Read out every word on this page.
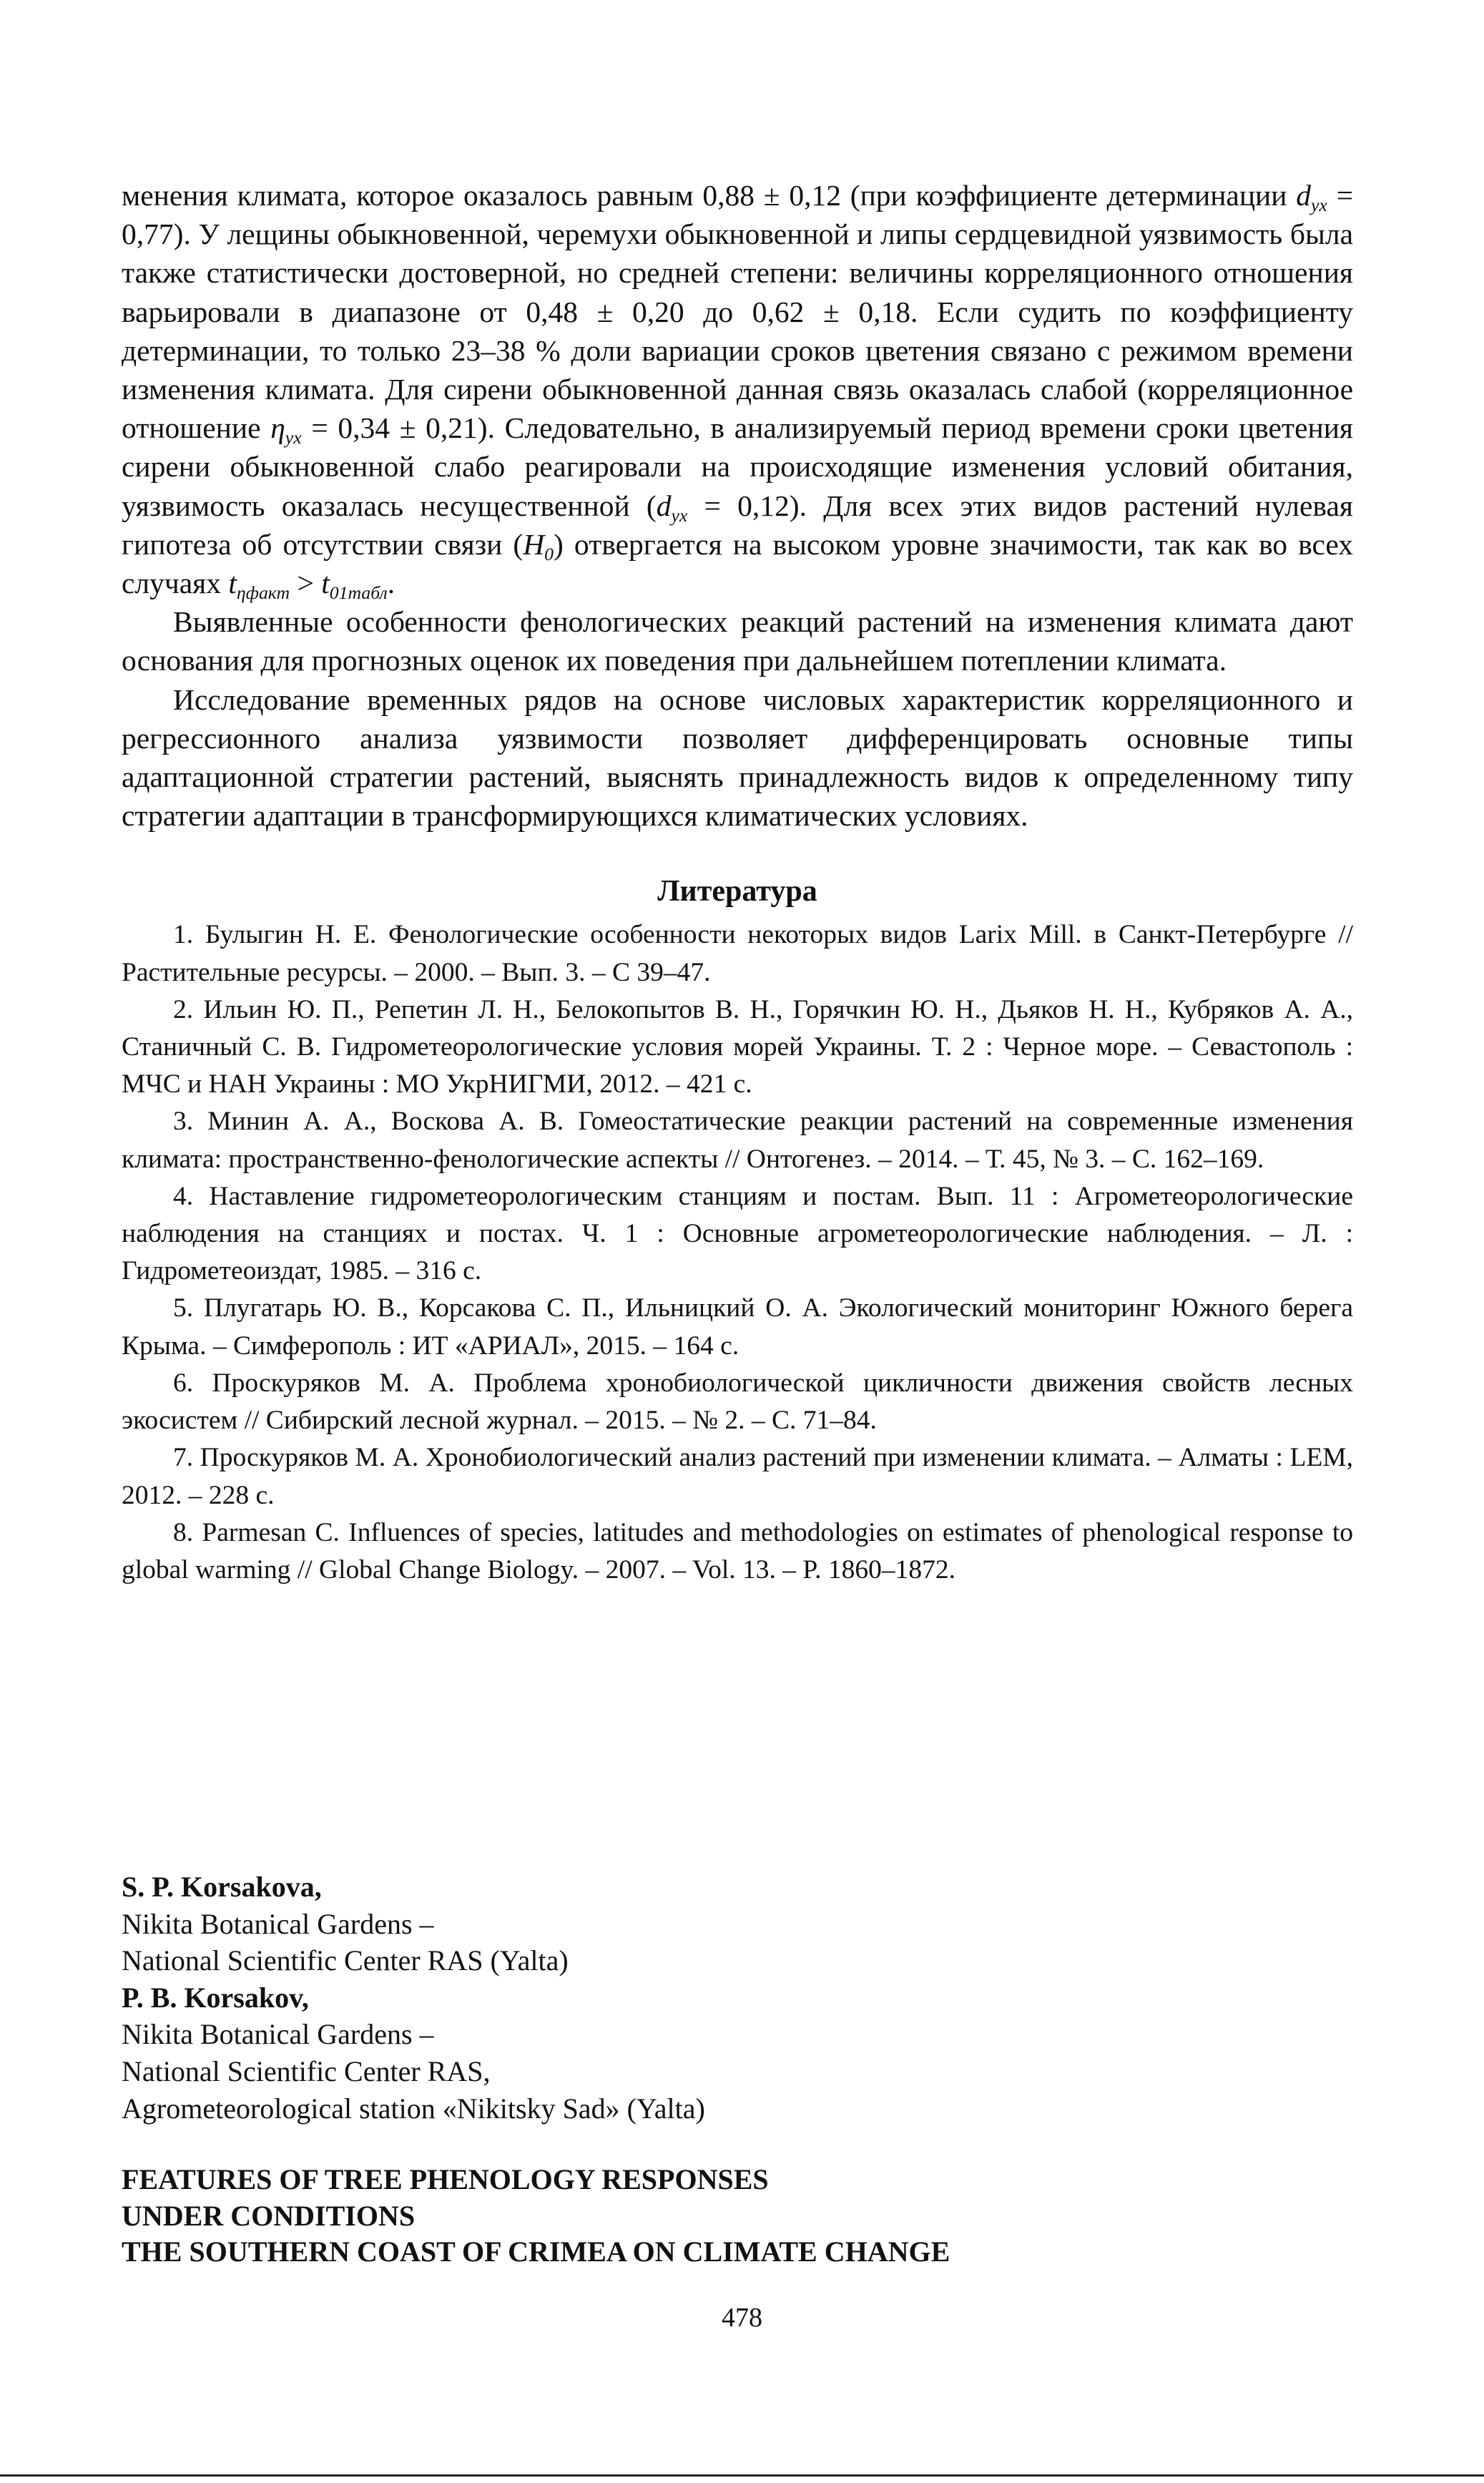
менения климата, которое оказалось равным 0,88 ± 0,12 (при коэффициенте детерминации $d_{yx} = 0,77$). У лещины обыкновенной, черемухи обыкновенной и липы сердцевидной уязвимость была также статистически достоверной, но средней степени: величины корреляционного отношения варьировали в диапазоне от 0,48 ± 0,20 до 0,62 ± 0,18. Если судить по коэффициенту детерминации, то только 23–38 % доли вариации сроков цветения связано с режимом времени изменения климата. Для сирени обыкновенной данная связь оказалась слабой (корреляционное отношение $\eta_{yx} = 0,34 \pm 0,21$). Следовательно, в анализируемый период времени сроки цветения сирени обыкновенной слабо реагировали на происходящие изменения условий обитания, уязвимость оказалась несущественной $(d_{yx} = 0,12)$. Для всех этих видов растений нулевая гипотеза об отсутствии связи $(H_0)$ отвергается на высоком уровне значимости, так как во всех случаях $t_{\eta факт} > t_{01табл}$.

Выявленные особенности фенологических реакций растений на изменения климата дают основания для прогнозных оценок их поведения при дальнейшем потеплении климата.

Исследование временных рядов на основе числовых характеристик корреляционного и регрессионного анализа уязвимости позволяет дифференцировать основные типы адаптационной стратегии растений, выяснять принадлежность видов к определенному типу стратегии адаптации в трансформирующихся климатических условиях.

Литература

1. Булыгин Н. Е. Фенологические особенности некоторых видов Larix Mill. в Санкт-Петербурге // Растительные ресурсы. – 2000. – Вып. 3. – С 39–47.

2. Ильин Ю. П., Репетин Л. Н., Белокопытов В. Н., Горячкин Ю. Н., Дьяков Н. Н., Кубряков А. А., Станичный С. В. Гидрометеорологические условия морей Украины. Т. 2 : Черное море. – Севастополь : МЧС и НАН Украины : МО УкрНИГМИ, 2012. – 421 с.

3. Минин А. А., Воскова А. В. Гомеостатические реакции растений на современные изменения климата: пространственно-фенологические аспекты // Онтогенез. – 2014. – Т. 45, № 3. – С. 162–169.

4. Наставление гидрометеорологическим станциям и постам. Вып. 11 : Агрометеорологические наблюдения на станциях и постах. Ч. 1 : Основные агрометеорологические наблюдения. – Л. : Гидрометеоиздат, 1985. – 316 с.

5. Плугатарь Ю. В., Корсакова С. П., Ильницкий О. А. Экологический мониторинг Южного берега Крыма. – Симферополь : ИТ «АРИАЛ», 2015. – 164 с.

6. Проскуряков М. А. Проблема хронобиологической цикличности движения свойств лесных экосистем // Сибирский лесной журнал. – 2015. – № 2. – С. 71–84.

7. Проскуряков М. А. Хронобиологический анализ растений при изменении климата. – Алматы : LEM, 2012. – 228 с.

8. Parmesan C. Influences of species, latitudes and methodologies on estimates of phenological response to global warming // Global Change Biology. – 2007. – Vol. 13. – P. 1860–1872.

S. P. Korsakova,
Nikita Botanical Gardens –
National Scientific Center RAS (Yalta)
P. B. Korsakov,
Nikita Botanical Gardens –
National Scientific Center RAS,
Agrometeorological station «Nikitsky Sad» (Yalta)
FEATURES OF TREE PHENOLOGY RESPONSES
UNDER CONDITIONS
THE SOUTHERN COAST OF CRIMEA ON CLIMATE CHANGE
478
